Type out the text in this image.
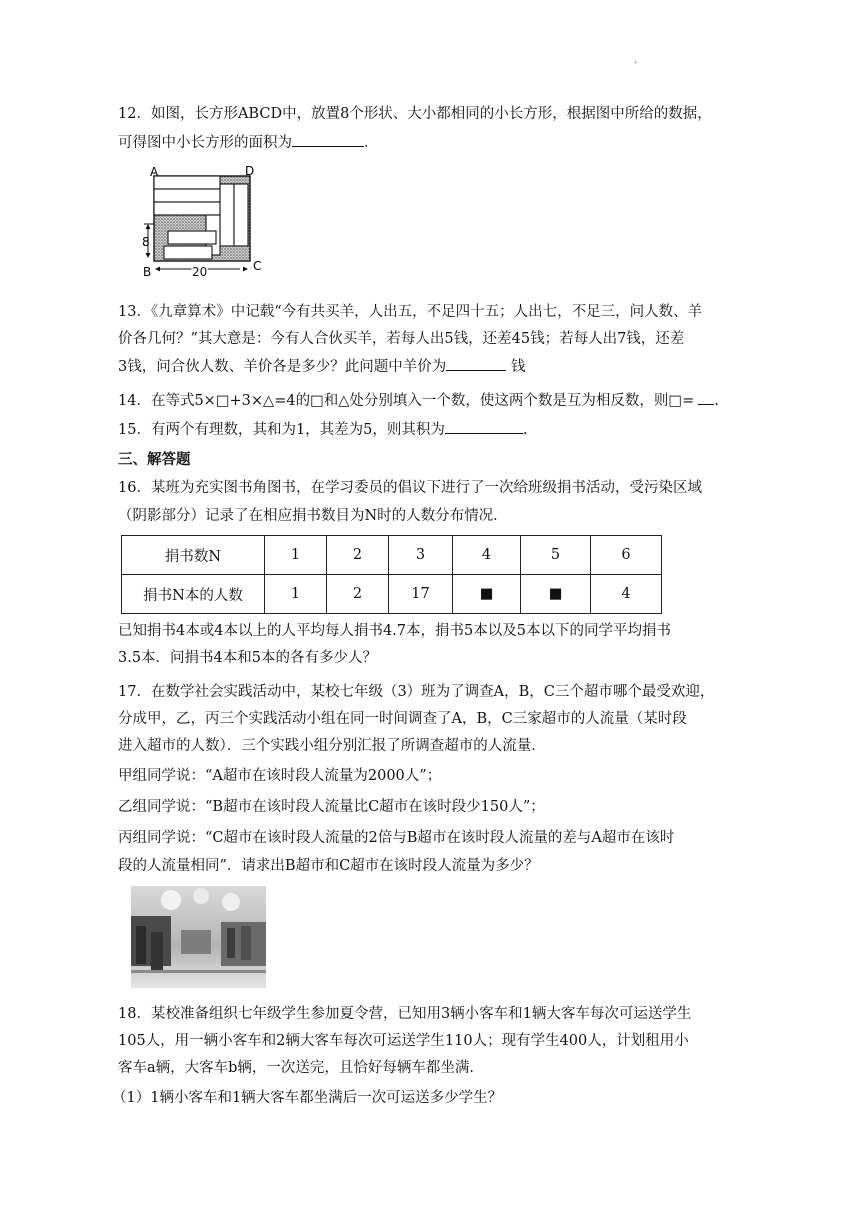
·
12．如图，长方形ABCD中，放置8个形状、大小都相同的小长方形，根据图中所给的数据，
可得图中小长方形的面积为	．
A	D
B	C
8
20
13．《九章算术》中记载“今有共买羊，人出五，不足四十五；人出七，不足三，问人数、羊
价各几何？”其大意是：今有人合伙买羊，若每人出5钱，还差45钱；若每人出7钱，还差
3钱，问合伙人数、羊价各是多少？此问题中羊价为	钱
14．在等式5×□+3×△=4的□和△处分别填入一个数，使这两个数是互为相反数，则□= .
15．有两个有理数，其和为1，其差为5，则其积为	.
三、解答题
16．某班为充实图书角图书，在学习委员的倡议下进行了一次给班级捐书活动，受污染区域
（阴影部分）记录了在相应捐书数目为N时的人数分布情况．
捐书数N	1	2	3	4	5	6
捐书N本的人数	1	2	17	■	■	4
已知捐书4本或4本以上的人平均每人捐书4.7本，捐书5本以及5本以下的同学平均捐书
3.5本．问捐书4本和5本的各有多少人？
17．在数学社会实践活动中，某校七年级（3）班为了调查A，B，C三个超市哪个最受欢迎，
分成甲，乙，丙三个实践活动小组在同一时间调查了A，B，C三家超市的人流量（某时段
进入超市的人数）．三个实践小组分别汇报了所调查超市的人流量．
甲组同学说：“A超市在该时段人流量为2000人”；
乙组同学说：“B超市在该时段人流量比C超市在该时段少150人”；
丙组同学说：“C超市在该时段人流量的2倍与B超市在该时段人流量的差与A超市在该时
段的人流量相同”．请求出B超市和C超市在该时段人流量为多少？
18．某校准备组织七年级学生参加夏令营，已知用3辆小客车和1辆大客车每次可运送学生
105人，用一辆小客车和2辆大客车每次可运送学生110人；现有学生400人，计划租用小
客车a辆，大客车b辆，一次送完，且恰好每辆车都坐满．
（1）1辆小客车和1辆大客车都坐满后一次可运送多少学生？
